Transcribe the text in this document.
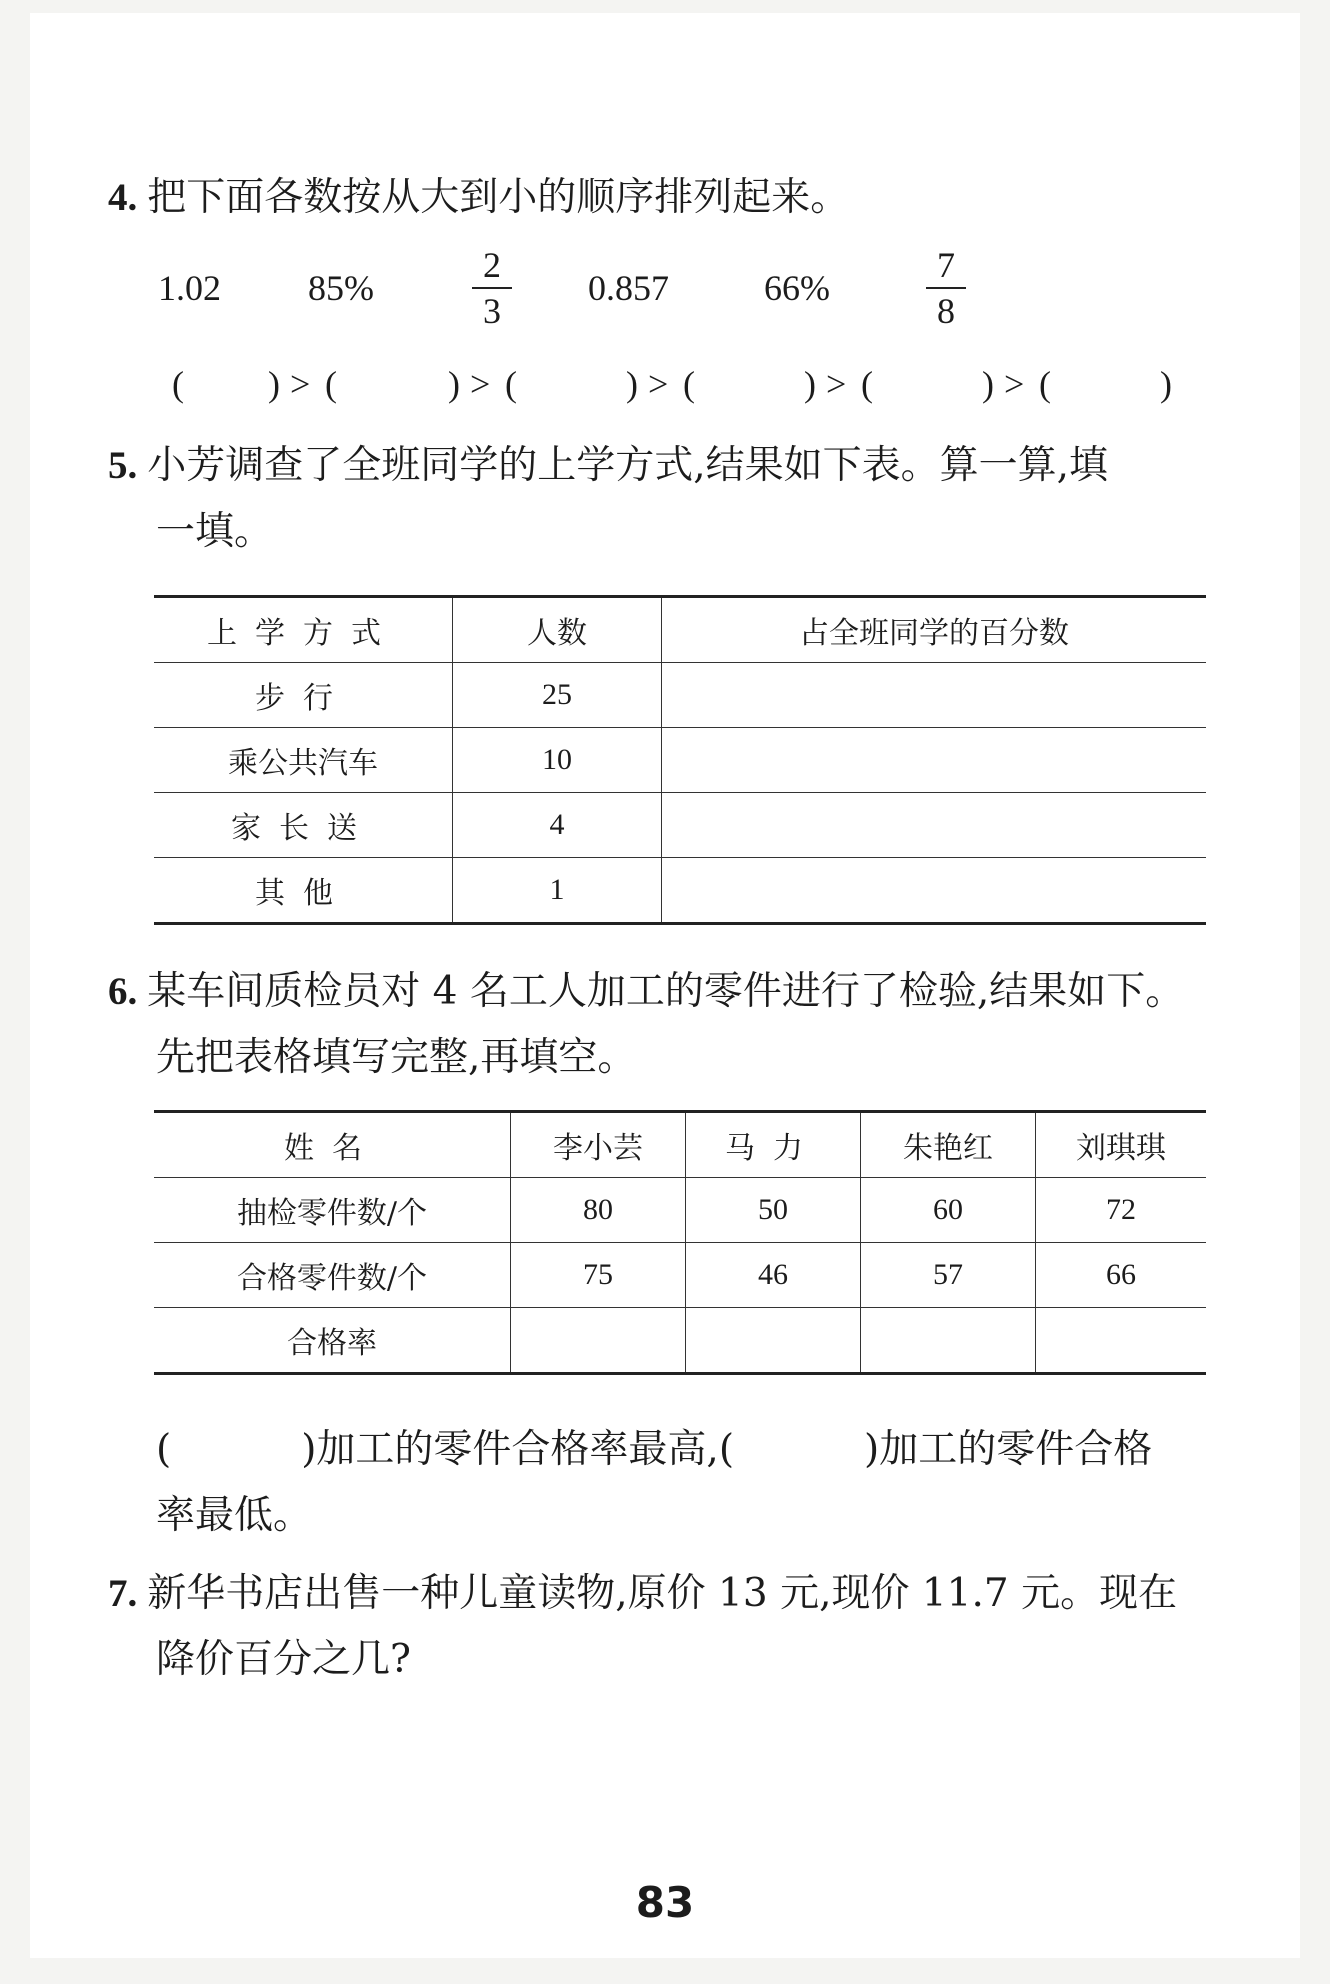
4. 把下面各数按从大到小的顺序排列起来。
1.02 85%	$\frac{2}{3} 0.857$	66%	$\frac{7}{8}$
( ) > (	) > (	) > (	) > (	) > (	)
5. 小芳调查了全班同学的上学方式,结果如下表。算一算,填
一填。
上学方式	人数	占全班同学的百分数
步行	25	
乘公共汽车	10	
家长送	4	
其他	1	
6. 某车间质检员对 4 名工人加工的零件进行了检验,结果如下。
先把表格填写完整,再填空。
姓名	李小芸	马力	朱艳红	刘琪琪
抽检零件数/个	80	50	60	72
合格零件数/个	75	46	57	66
合格率				
(	)加工的零件合格率最高,(	)加工的零件合格
率最低。
7. 新华书店出售一种儿童读物,原价 13 元,现价 11.7 元。现在
降价百分之几?
83
